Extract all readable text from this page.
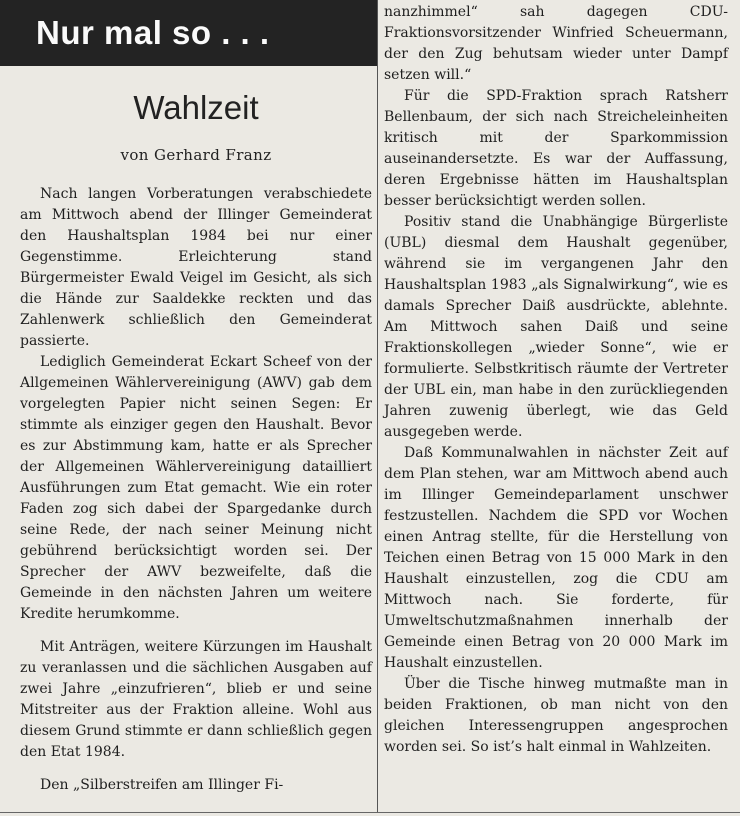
Nur mal so . . .
Wahlzeit
von Gerhard Franz

Nach langen Vorberatungen verabschiedete am Mittwoch abend der Illinger Gemeinderat den Haushaltsplan 1984 bei nur einer Gegenstimme. Erleichterung stand Bürgermeister Ewald Veigel im Gesicht, als sich die Hände zur Saaldekke reckten und das Zahlenwerk schließlich den Gemeinderat passierte.

Lediglich Gemeinderat Eckart Scheef von der Allgemeinen Wählervereinigung (AWV) gab dem vorgelegten Papier nicht seinen Segen: Er stimmte als einziger gegen den Haushalt. Bevor es zur Abstimmung kam, hatte er als Sprecher der Allgemeinen Wählervereinigung datailliert Ausführungen zum Etat gemacht. Wie ein roter Faden zog sich dabei der Spargedanke durch seine Rede, der nach seiner Meinung nicht gebührend berücksichtigt worden sei. Der Sprecher der AWV bezweifelte, daß die Gemeinde in den nächsten Jahren um weitere Kredite herumkomme.

Mit Anträgen, weitere Kürzungen im Haushalt zu veranlassen und die sächlichen Ausgaben auf zwei Jahre „einzufrieren“, blieb er und seine Mitstreiter aus der Fraktion alleine. Wohl aus diesem Grund stimmte er dann schließlich gegen den Etat 1984.

Den „Silberstreifen am Illinger Fi-

nanzhimmel“ sah dagegen CDU-Fraktionsvorsitzender Winfried Scheuermann, der den Zug behutsam wieder unter Dampf setzen will.“

Für die SPD-Fraktion sprach Ratsherr Bellenbaum, der sich nach Streicheleinheiten kritisch mit der Sparkommission auseinandersetzte. Es war der Auffassung, deren Ergebnisse hätten im Haushaltsplan besser berücksichtigt werden sollen.

Positiv stand die Unabhängige Bürgerliste (UBL) diesmal dem Haushalt gegenüber, während sie im vergangenen Jahr den Haushaltsplan 1983 „als Signalwirkung“, wie es damals Sprecher Daiß ausdrückte, ablehnte. Am Mittwoch sahen Daiß und seine Fraktionskollegen „wieder Sonne“, wie er formulierte. Selbstkritisch räumte der Vertreter der UBL ein, man habe in den zurückliegenden Jahren zuwenig überlegt, wie das Geld ausgegeben werde.

Daß Kommunalwahlen in nächster Zeit auf dem Plan stehen, war am Mittwoch abend auch im Illinger Gemeindeparlament unschwer festzustellen. Nachdem die SPD vor Wochen einen Antrag stellte, für die Herstellung von Teichen einen Betrag von 15 000 Mark in den Haushalt einzustellen, zog die CDU am Mittwoch nach. Sie forderte, für Umweltschutzmaßnahmen innerhalb der Gemeinde einen Betrag von 20 000 Mark im Haushalt einzustellen.

Über die Tische hinweg mutmaßte man in beiden Fraktionen, ob man nicht von den gleichen Interessengruppen angesprochen worden sei. So ist’s halt einmal in Wahlzeiten.
